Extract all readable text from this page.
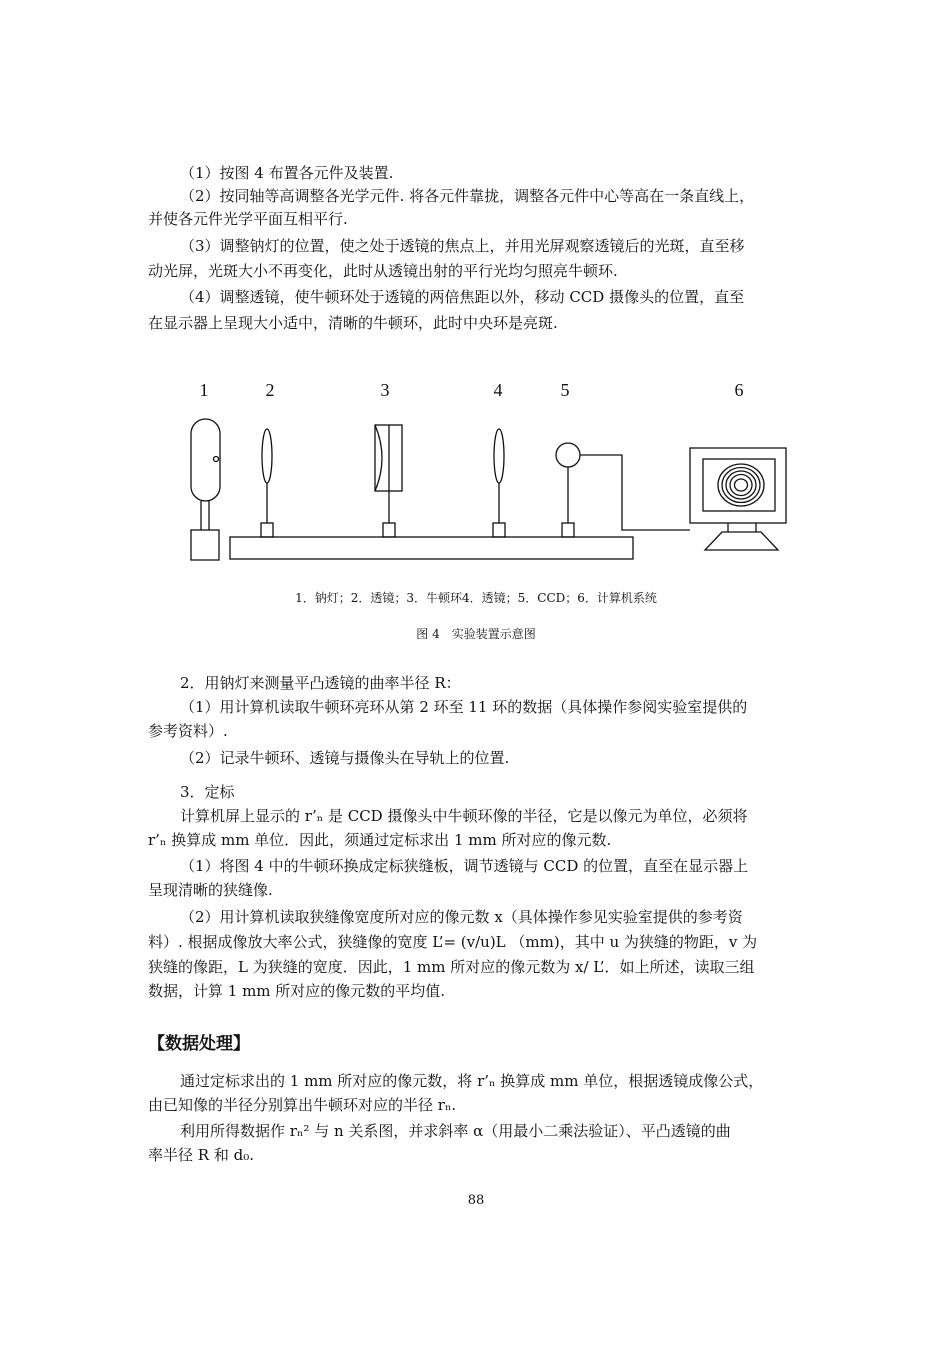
（1）按图 4 布置各元件及装置.
（2）按同轴等高调整各光学元件. 将各元件靠拢，调整各元件中心等高在一条直线上，
并使各元件光学平面互相平行.
（3）调整钠灯的位置，使之处于透镜的焦点上，并用光屏观察透镜后的光斑，直至移
动光屏，光斑大小不再变化，此时从透镜出射的平行光均匀照亮牛顿环.
（4）调整透镜，使牛顿环处于透镜的两倍焦距以外，移动 CCD 摄像头的位置，直至
在显示器上呈现大小适中，清晰的牛顿环，此时中央环是亮斑.
1	2	3	4	5	6
1．钠灯；2．透镜；3．牛顿环4．透镜；5．CCD；6．计算机系统
图 4　实验装置示意图
2．用钠灯来测量平凸透镜的曲率半径 R：
（1）用计算机读取牛顿环亮环从第 2 环至 11 环的数据（具体操作参阅实验室提供的
参考资料）.
（2）记录牛顿环、透镜与摄像头在导轨上的位置.
3．定标
计算机屏上显示的 r’ₙ 是 CCD 摄像头中牛顿环像的半径，它是以像元为单位，必须将
r’ₙ 换算成 mm 单位．因此，须通过定标求出 1 mm 所对应的像元数.
（1）将图 4 中的牛顿环换成定标狭缝板，调节透镜与 CCD 的位置，直至在显示器上
呈现清晰的狭缝像.
（2）用计算机读取狭缝像宽度所对应的像元数 x（具体操作参见实验室提供的参考资
料）. 根据成像放大率公式，狭缝像的宽度 L’= (v/u)L （mm)，其中 u 为狭缝的物距，v 为
狭缝的像距，L 为狭缝的宽度．因此，1 mm 所对应的像元数为 x/ L’．如上所述，读取三组
数据，计算 1 mm 所对应的像元数的平均值.
【数据处理】
通过定标求出的 1 mm 所对应的像元数，将 r’ₙ 换算成 mm 单位，根据透镜成像公式，
由已知像的半径分别算出牛顿环对应的半径 rₙ.
利用所得数据作 rₙ² 与 n 关系图，并求斜率 α（用最小二乘法验证）、平凸透镜的曲
率半径 R 和 d₀.
88
